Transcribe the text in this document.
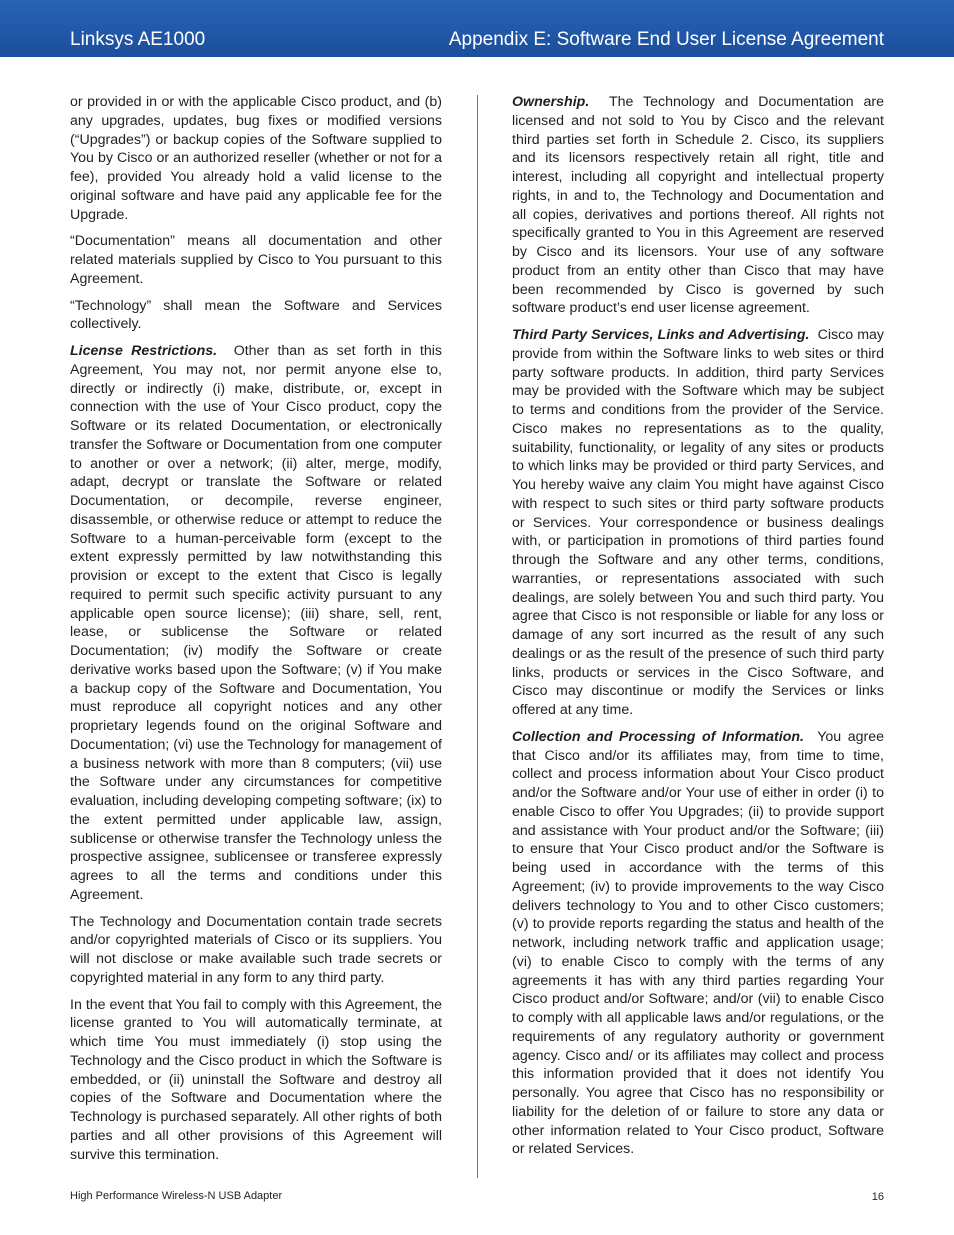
Linksys AE1000	Appendix E: Software End User License Agreement

or provided in or with the applicable Cisco product, and (b) any upgrades, updates, bug fixes or modified versions (“Upgrades”) or backup copies of the Software supplied to You by Cisco or an authorized reseller (whether or not for a fee), provided You already hold a valid license to the original software and have paid any applicable fee for the Upgrade.

“Documentation” means all documentation and other related materials supplied by Cisco to You pursuant to this Agreement.

“Technology” shall mean the Software and Services collectively.

License Restrictions. Other than as set forth in this Agreement, You may not, nor permit anyone else to, directly or indirectly (i) make, distribute, or, except in connection with the use of Your Cisco product, copy the Software or its related Documentation, or electronically transfer the Software or Documentation from one computer to another or over a network; (ii) alter, merge, modify, adapt, decrypt or translate the Software or related Documentation, or decompile, reverse engineer, disassemble, or otherwise reduce or attempt to reduce the Software to a human-perceivable form (except to the extent expressly permitted by law notwithstanding this provision or except to the extent that Cisco is legally required to permit such specific activity pursuant to any applicable open source license); (iii) share, sell, rent, lease, or sublicense the Software or related Documentation; (iv) modify the Software or create derivative works based upon the Software; (v) if You make a backup copy of the Software and Documentation, You must reproduce all copyright notices and any other proprietary legends found on the original Software and Documentation; (vi) use the Technology for management of a business network with more than 8 computers; (vii) use the Software under any circumstances for competitive evaluation, including developing competing software; (ix) to the extent permitted under applicable law, assign, sublicense or otherwise transfer the Technology unless the prospective assignee, sublicensee or transferee expressly agrees to all the terms and conditions under this Agreement.

The Technology and Documentation contain trade secrets and/or copyrighted materials of Cisco or its suppliers. You will not disclose or make available such trade secrets or copyrighted material in any form to any third party.

In the event that You fail to comply with this Agreement, the license granted to You will automatically terminate, at which time You must immediately (i) stop using the Technology and the Cisco product in which the Software is embedded, or (ii) uninstall the Software and destroy all copies of the Software and Documentation where the Technology is purchased separately. All other rights of both parties and all other provisions of this Agreement will survive this termination.

Ownership. The Technology and Documentation are licensed and not sold to You by Cisco and the relevant third parties set forth in Schedule 2. Cisco, its suppliers and its licensors respectively retain all right, title and interest, including all copyright and intellectual property rights, in and to, the Technology and Documentation and all copies, derivatives and portions thereof. All rights not specifically granted to You in this Agreement are reserved by Cisco and its licensors. Your use of any software product from an entity other than Cisco that may have been recommended by Cisco is governed by such software product’s end user license agreement.

Third Party Services, Links and Advertising. Cisco may provide from within the Software links to web sites or third party software products. In addition, third party Services may be provided with the Software which may be subject to terms and conditions from the provider of the Service. Cisco makes no representations as to the quality, suitability, functionality, or legality of any sites or products to which links may be provided or third party Services, and You hereby waive any claim You might have against Cisco with respect to such sites or third party software products or Services. Your correspondence or business dealings with, or participation in promotions of third parties found through the Software and any other terms, conditions, warranties, or representations associated with such dealings, are solely between You and such third party. You agree that Cisco is not responsible or liable for any loss or damage of any sort incurred as the result of any such dealings or as the result of the presence of such third party links, products or services in the Cisco Software, and Cisco may discontinue or modify the Services or links offered at any time.

Collection and Processing of Information. You agree that Cisco and/or its affiliates may, from time to time, collect and process information about Your Cisco product and/or the Software and/or Your use of either in order (i) to enable Cisco to offer You Upgrades; (ii) to provide support and assistance with Your product and/or the Software; (iii) to ensure that Your Cisco product and/or the Software is being used in accordance with the terms of this Agreement; (iv) to provide improvements to the way Cisco delivers technology to You and to other Cisco customers; (v) to provide reports regarding the status and health of the network, including network traffic and application usage; (vi) to enable Cisco to comply with the terms of any agreements it has with any third parties regarding Your Cisco product and/or Software; and/or (vii) to enable Cisco to comply with all applicable laws and/or regulations, or the requirements of any regulatory authority or government agency. Cisco and/ or its affiliates may collect and process this information provided that it does not identify You personally. You agree that Cisco has no responsibility or liability for the deletion of or failure to store any data or other information related to Your Cisco product, Software or related Services.

High Performance Wireless-N USB Adapter	16
